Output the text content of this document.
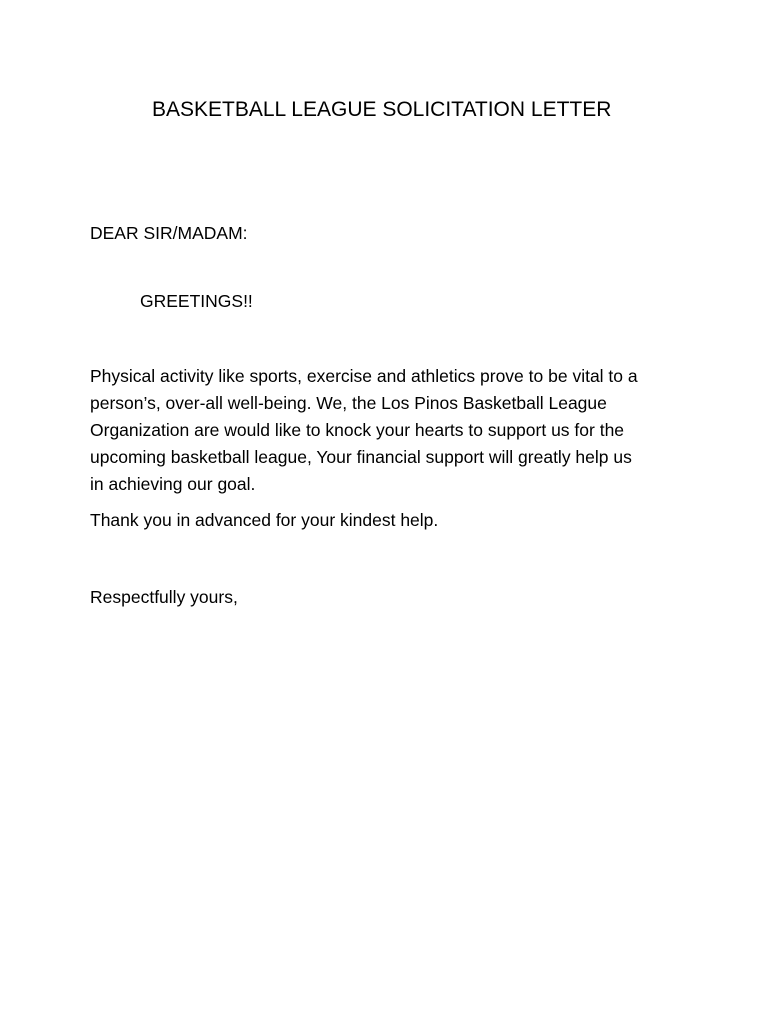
BASKETBALL LEAGUE SOLICITATION LETTER
DEAR SIR/MADAM:
GREETINGS!!
Physical activity like sports, exercise and athletics prove to be vital to a
person’s, over-all well-being. We, the Los Pinos Basketball League
Organization are would like to knock your hearts to support us for the
upcoming basketball league, Your financial support will greatly help us
in achieving our goal.
Thank you in advanced for your kindest help.
Respectfully yours,
